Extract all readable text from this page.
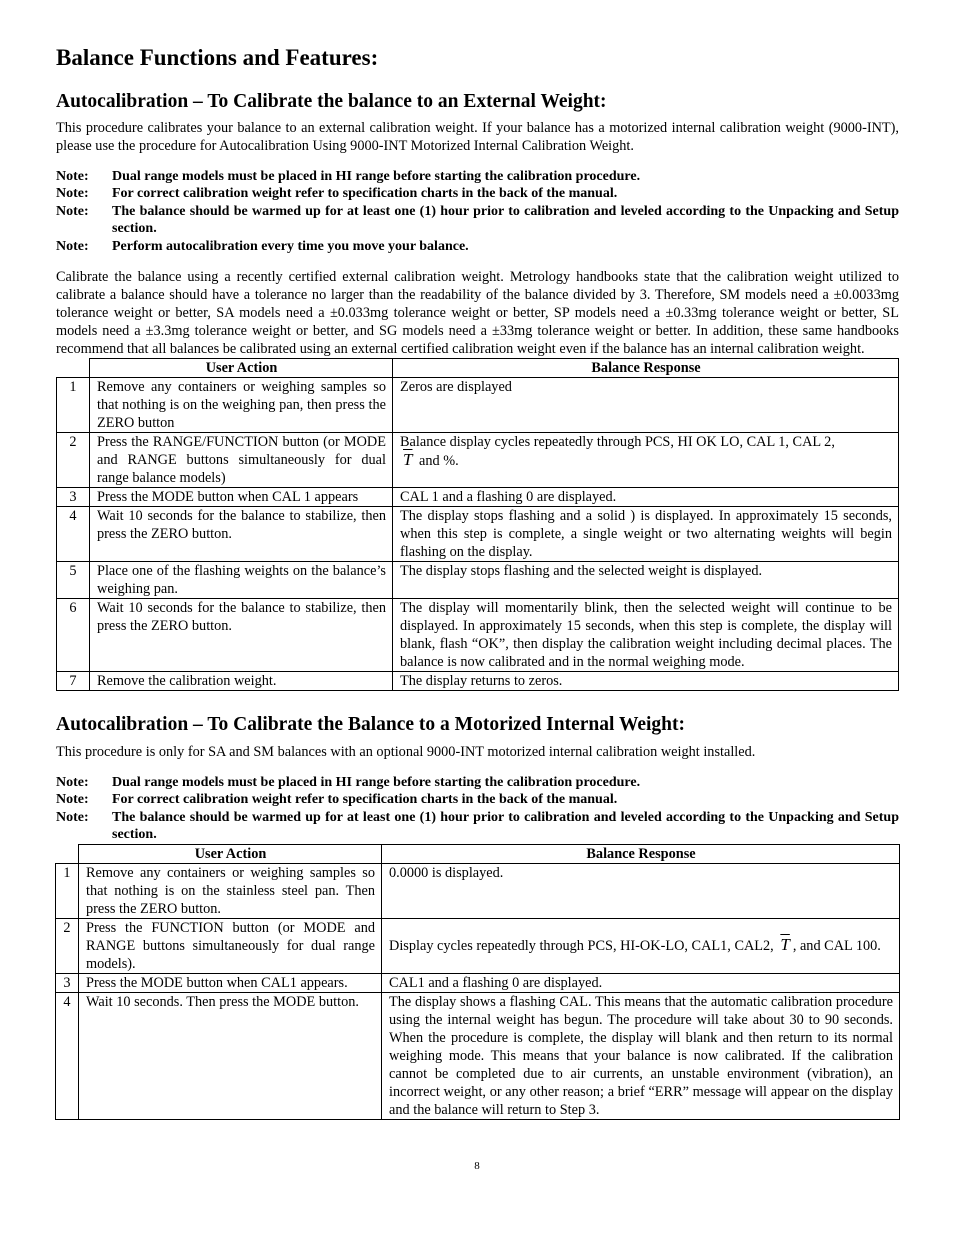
Balance Functions and Features:
Autocalibration – To Calibrate the balance to an External Weight:

This procedure calibrates your balance to an external calibration weight. If your balance has a motorized internal calibration weight (9000-INT), please use the procedure for Autocalibration Using 9000-INT Motorized Internal Calibration Weight.

Note:	Dual range models must be placed in HI range before starting the calibration procedure.
Note:	For correct calibration weight refer to specification charts in the back of the manual.
Note:	The balance should be warmed up for at least one (1) hour prior to calibration and leveled according to the Unpacking and Setup section.
Note:	Perform autocalibration every time you move your balance.

Calibrate the balance using a recently certified external calibration weight. Metrology handbooks state that the calibration weight utilized to calibrate a balance should have a tolerance no larger than the readability of the balance divided by 3. Therefore, SM models need a ±0.0033mg tolerance weight or better, SA models need a ±0.033mg tolerance weight or better, SP models need a ±0.33mg tolerance weight or better, SL models need a ±3.3mg tolerance weight or better, and SG models need a ±33mg tolerance weight or better. In addition, these same handbooks recommend that all balances be calibrated using an external certified calibration weight even if the balance has an internal calibration weight.

	User Action	Balance Response
1	Remove any containers or weighing samples so that nothing is on the weighing pan, then press the ZERO button	Zeros are displayed
2	Press the RANGE/FUNCTION button (or MODE and RANGE buttons simultaneously for dual range balance models)	Balance display cycles repeatedly through PCS, HI OK LO, CAL 1, CAL 2,
$\overline{T}$ and %.
3	Press the MODE button when CAL 1 appears	CAL 1 and a flashing 0 are displayed.
4	Wait 10 seconds for the balance to stabilize, then press the ZERO button.	The display stops flashing and a solid ) is displayed. In approximately 15 seconds, when this step is complete, a single weight or two alternating weights will begin flashing on the display.
5	Place one of the flashing weights on the balance’s weighing pan.	The display stops flashing and the selected weight is displayed.
6	Wait 10 seconds for the balance to stabilize, then press the ZERO button.	The display will momentarily blink, then the selected weight will continue to be displayed. In approximately 15 seconds, when this step is complete, the display will blank, flash “OK”, then display the calibration weight including decimal places. The balance is now calibrated and in the normal weighing mode.
7	Remove the calibration weight.	The display returns to zeros.
Autocalibration – To Calibrate the Balance to a Motorized Internal Weight:

This procedure is only for SA and SM balances with an optional 9000-INT motorized internal calibration weight installed.

Note:	Dual range models must be placed in HI range before starting the calibration procedure.
Note:	For correct calibration weight refer to specification charts in the back of the manual.
Note:	The balance should be warmed up for at least one (1) hour prior to calibration and leveled according to the Unpacking and Setup section.
	User Action	Balance Response
1	Remove any containers or weighing samples so that nothing is on the stainless steel pan. Then press the ZERO button.	0.0000 is displayed.
2	Press the FUNCTION button (or MODE and RANGE buttons simultaneously for dual range models).	Display cycles repeatedly through PCS, HI-OK-LO, CAL1, CAL2, $\overline{T}$ , and CAL 100.
3	Press the MODE button when CAL1 appears.	CAL1 and a flashing 0 are displayed.
4	Wait 10 seconds. Then press the MODE button.	The display shows a flashing CAL. This means that the automatic calibration procedure using the internal weight has begun. The procedure will take about 30 to 90 seconds. When the procedure is complete, the display will blank and then return to its normal weighing mode. This means that your balance is now calibrated. If the calibration cannot be completed due to air currents, an unstable environment (vibration), an incorrect weight, or any other reason; a brief “ERR” message will appear on the display and the balance will return to Step 3.
8
